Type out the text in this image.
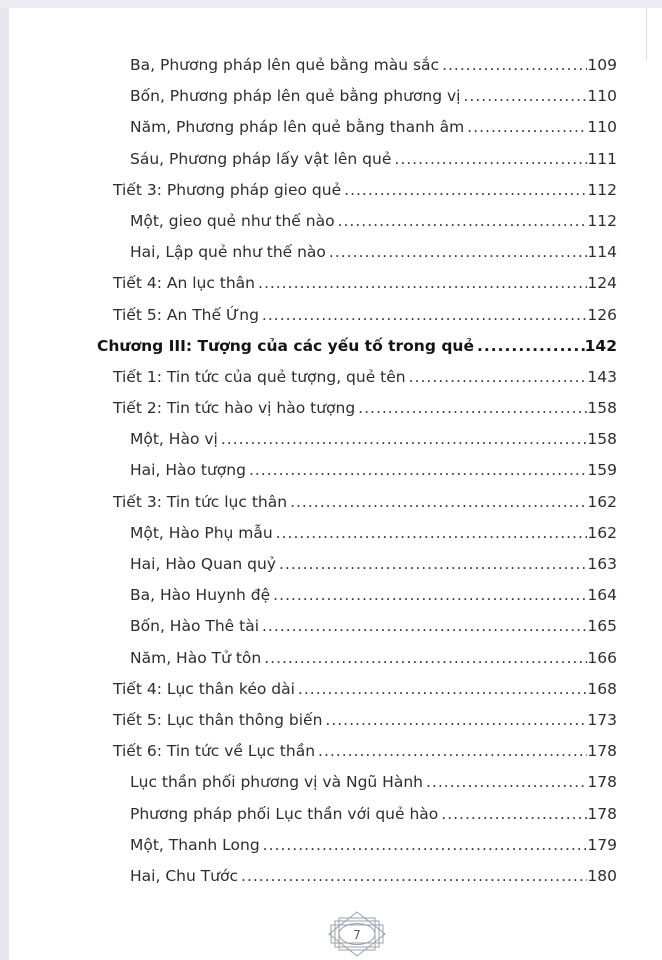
Ba, Phương pháp lên quẻ bằng màu sắc .....	109
Bốn, Phương pháp lên quẻ bằng phương vị .....	110
Năm, Phương pháp lên quẻ bằng thanh âm .....	110
Sáu, Phương pháp lấy vật lên quẻ .....	111
Tiết 3: Phương pháp gieo quẻ .....	112
Một, gieo quẻ như thế nào .....	112
Hai, Lập quẻ như thế nào .....	114
Tiết 4: An lục thân .....	124
Tiết 5: An Thế Ứng .....	126
Chương III: Tượng của các yếu tố trong quẻ .....	142
Tiết 1: Tin tức của quẻ tượng, quẻ tên .....	143
Tiết 2: Tin tức hào vị hào tượng .....	158
Một, Hào vị .....	158
Hai, Hào tượng .....	159
Tiết 3: Tin tức lục thân .....	162
Một, Hào Phụ mẫu .....	162
Hai, Hào Quan quỷ .....	163
Ba, Hào Huynh đệ .....	164
Bốn, Hào Thê tài .....	165
Năm, Hào Tử tôn .....	166
Tiết 4: Lục thân kéo dài .....	168
Tiết 5: Lục thân thông biến .....	173
Tiết 6: Tin tức về Lục thần .....	178
Lục thần phối phương vị và Ngũ Hành .....	178
Phương pháp phối Lục thần với quẻ hào .....	178
Một, Thanh Long .....	179
Hai, Chu Tước .....	180
7
